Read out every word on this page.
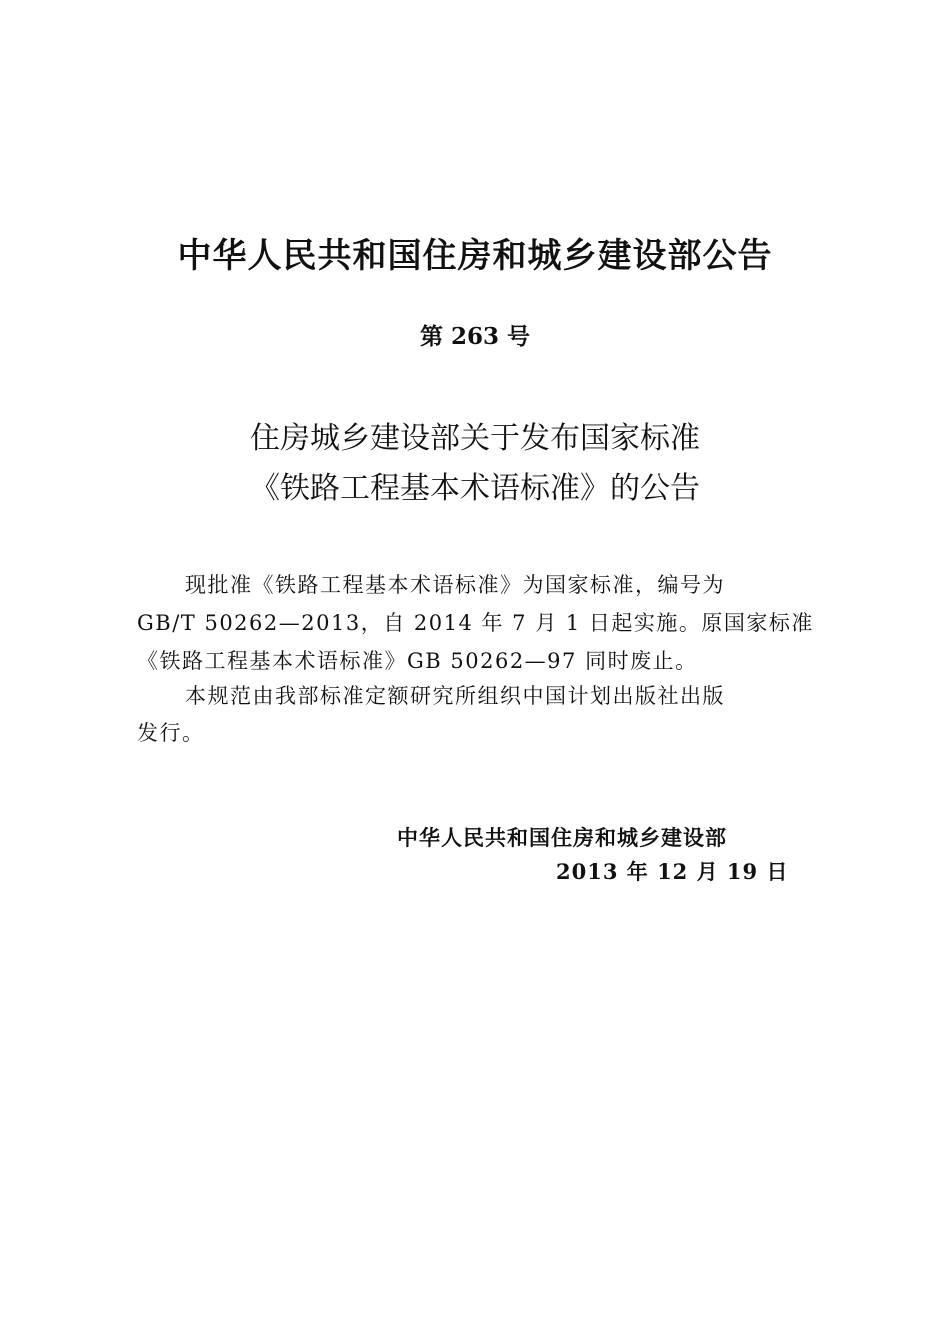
中华人民共和国住房和城乡建设部公告
第 263 号
住房城乡建设部关于发布国家标准
《铁路工程基本术语标准》的公告
现批准《铁路工程基本术语标准》为国家标准，编号为
GB/T 50262—2013，自 2014 年 7 月 1 日起实施。原国家标准
《铁路工程基本术语标准》GB 50262—97 同时废止。
本规范由我部标准定额研究所组织中国计划出版社出版
发行。
中华人民共和国住房和城乡建设部
2013 年 12 月 19 日
